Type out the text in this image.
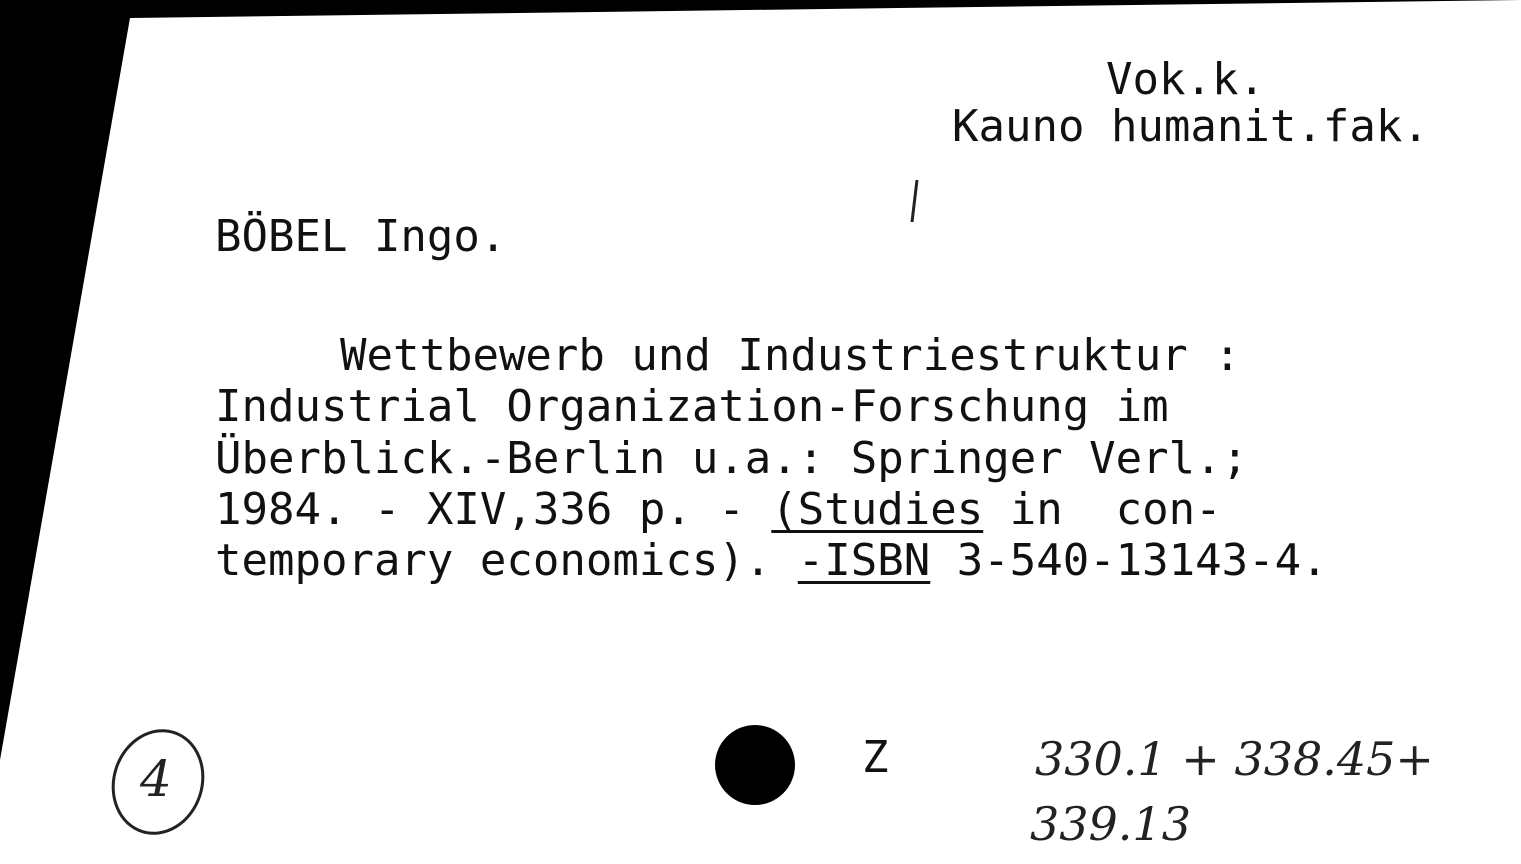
Vok.k.
Kauno humanit.fak.
BÖBEL Ingo.
Wettbewerb und Industriestruktur :
Industrial Organization-Forschung im
Überblick.-Berlin u.a.: Springer Verl.;
1984. - XIV,336 p. - (Studies in  con-
temporary economics). -ISBN 3-540-13143-4.
4	Z	330.1 + 338.45+
339.13
